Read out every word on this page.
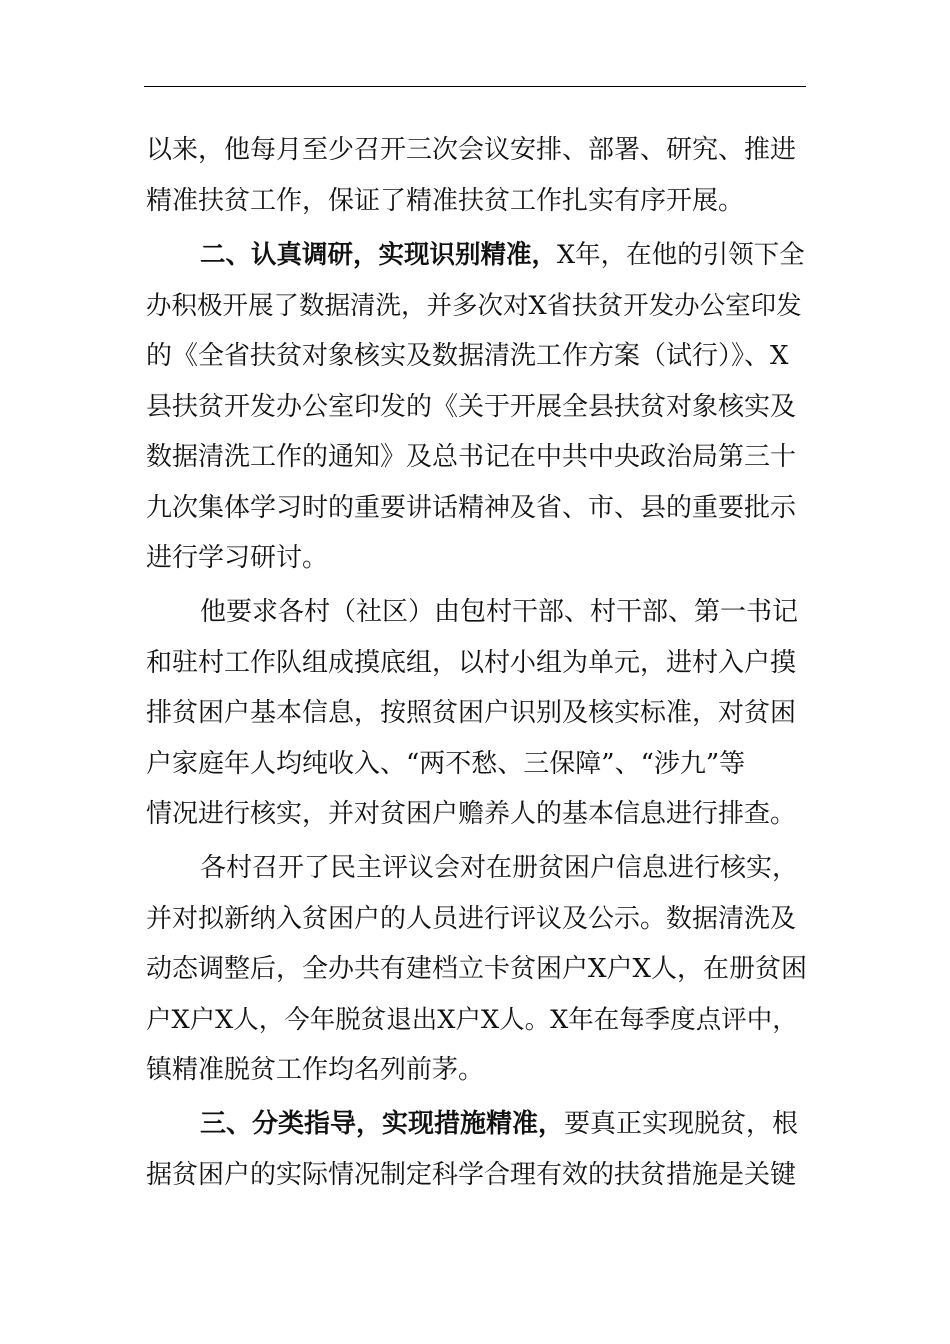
以来，他每月至少召开三次会议安排、部署、研究、推进
精准扶贫工作，保证了精准扶贫工作扎实有序开展。
二、认真调研，实现识别精准，X年，在他的引领下全
办积极开展了数据清洗，并多次对X省扶贫开发办公室印发
的《全省扶贫对象核实及数据清洗工作方案（试行）》、X
县扶贫开发办公室印发的《关于开展全县扶贫对象核实及
数据清洗工作的通知》及总书记在中共中央政治局第三十
九次集体学习时的重要讲话精神及省、市、县的重要批示
进行学习研讨。
他要求各村（社区）由包村干部、村干部、第一书记
和驻村工作队组成摸底组，以村小组为单元，进村入户摸
排贫困户基本信息，按照贫困户识别及核实标准，对贫困
户家庭年人均纯收入、“两不愁、三保障”、“涉九”等
情况进行核实，并对贫困户赡养人的基本信息进行排查。
各村召开了民主评议会对在册贫困户信息进行核实，
并对拟新纳入贫困户的人员进行评议及公示。数据清洗及
动态调整后，全办共有建档立卡贫困户X户X人，在册贫困
户X户X人，今年脱贫退出X户X人。X年在每季度点评中，
镇精准脱贫工作均名列前茅。
三、分类指导，实现措施精准，要真正实现脱贫，根
据贫困户的实际情况制定科学合理有效的扶贫措施是关键
